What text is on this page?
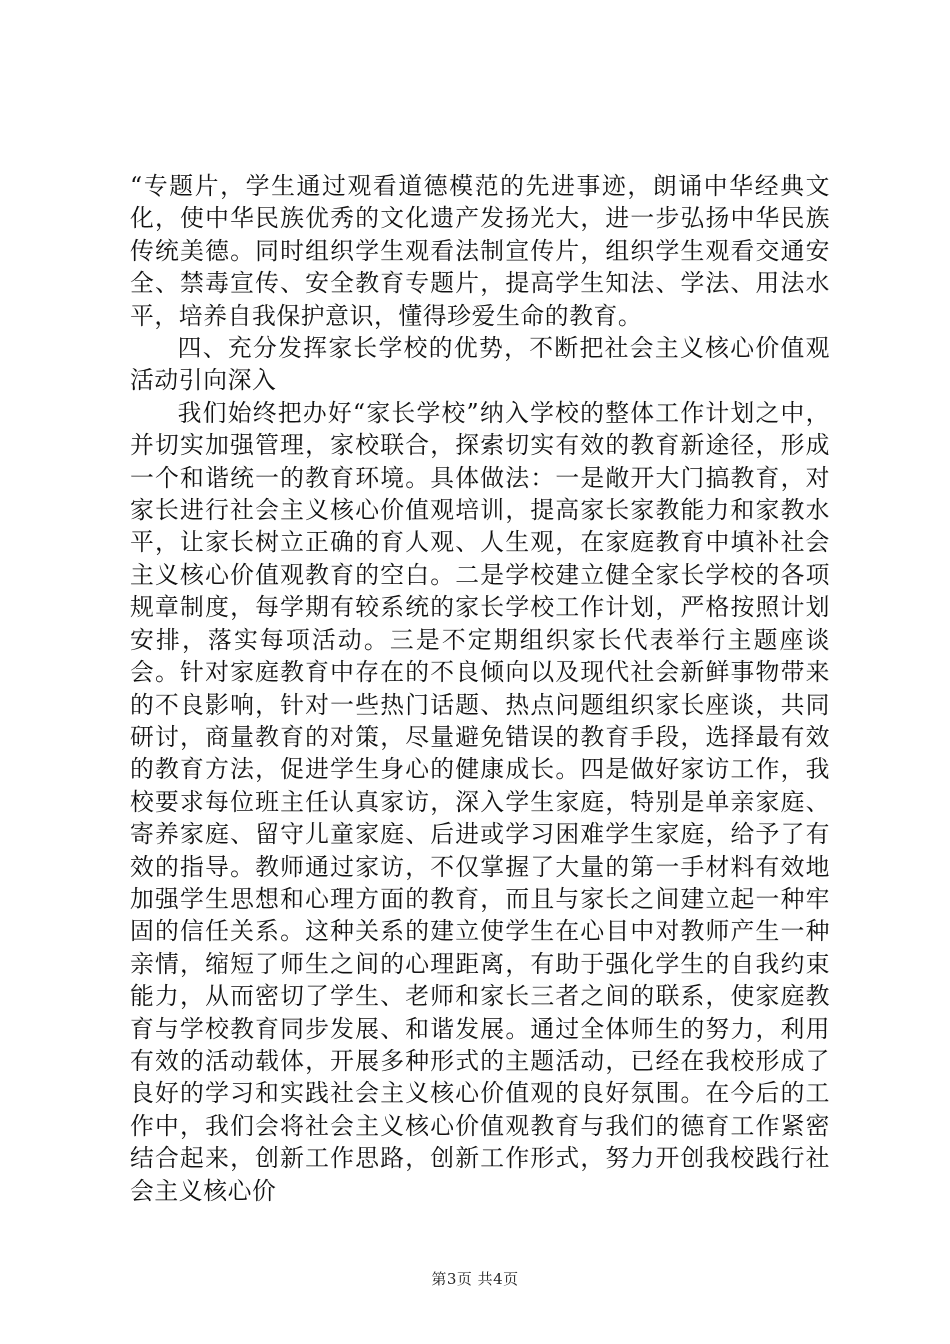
“专题片，学生通过观看道德模范的先进事迹，朗诵中华经典文化，使中华民族优秀的文化遗产发扬光大，进一步弘扬中华民族传统美德。同时组织学生观看法制宣传片，组织学生观看交通安全、禁毒宣传、安全教育专题片，提高学生知法、学法、用法水平，培养自我保护意识，懂得珍爱生命的教育。

四、充分发挥家长学校的优势，不断把社会主义核心价值观活动引向深入

我们始终把办好“家长学校”纳入学校的整体工作计划之中，并切实加强管理，家校联合，探索切实有效的教育新途径，形成一个和谐统一的教育环境。具体做法：一是敞开大门搞教育，对家长进行社会主义核心价值观培训，提高家长家教能力和家教水平，让家长树立正确的育人观、人生观，在家庭教育中填补社会主义核心价值观教育的空白。二是学校建立健全家长学校的各项规章制度，每学期有较系统的家长学校工作计划，严格按照计划安排，落实每项活动。三是不定期组织家长代表举行主题座谈会。针对家庭教育中存在的不良倾向以及现代社会新鲜事物带来的不良影响，针对一些热门话题、热点问题组织家长座谈，共同研讨，商量教育的对策，尽量避免错误的教育手段，选择最有效的教育方法，促进学生身心的健康成长。四是做好家访工作，我校要求每位班主任认真家访，深入学生家庭，特别是单亲家庭、寄养家庭、留守儿童家庭、后进或学习困难学生家庭，给予了有效的指导。教师通过家访，不仅掌握了大量的第一手材料有效地加强学生思想和心理方面的教育，而且与家长之间建立起一种牢固的信任关系。这种关系的建立使学生在心目中对教师产生一种亲情，缩短了师生之间的心理距离，有助于强化学生的自我约束能力，从而密切了学生、老师和家长三者之间的联系，使家庭教育与学校教育同步发展、和谐发展。通过全体师生的努力，利用有效的活动载体，开展多种形式的主题活动，已经在我校形成了良好的学习和实践社会主义核心价值观的良好氛围。在今后的工作中，我们会将社会主义核心价值观教育与我们的德育工作紧密结合起来，创新工作思路，创新工作形式，努力开创我校践行社会主义核心价

第3页 共4页
